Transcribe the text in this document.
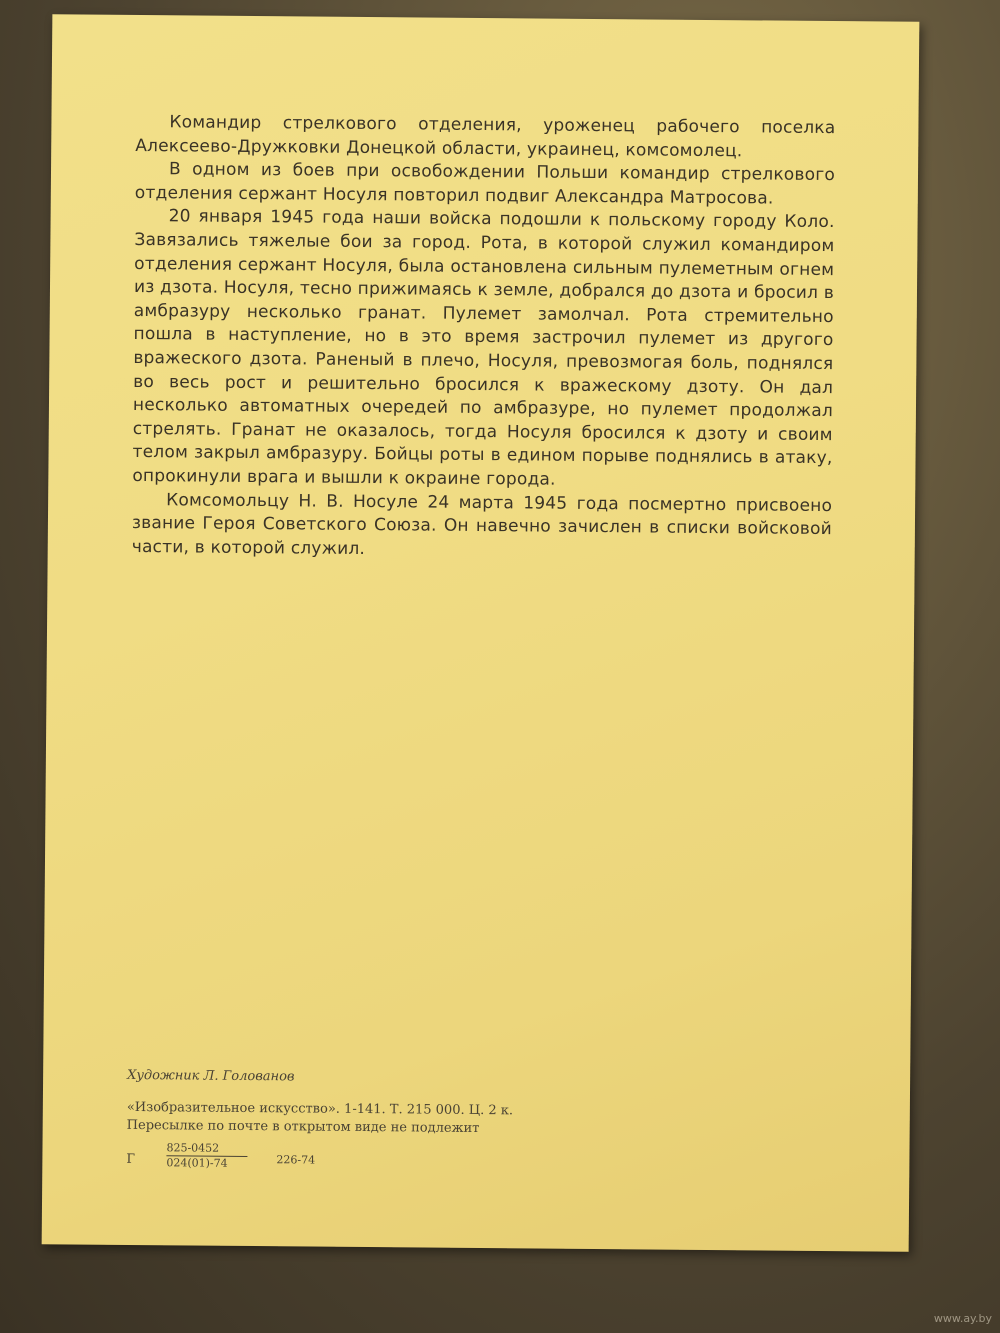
Командир стрелкового отделения, уроженец рабочего поселка Алексеево-Дружковки Донецкой области, украинец, комсомолец.

В одном из боев при освобождении Польши командир стрелкового отделения сержант Носуля повторил подвиг Александра Матросова.

20 января 1945 года наши войска подошли к польскому городу Коло. Завязались тяжелые бои за город. Рота, в которой служил командиром отделения сержант Носуля, была остановлена сильным пулеметным огнем из дзота. Носуля, тесно прижимаясь к земле, добрался до дзота и бросил в амбразуру несколько гранат. Пулемет замолчал. Рота стремительно пошла в наступление, но в это время застрочил пулемет из другого вражеского дзота. Раненый в плечо, Носуля, превозмогая боль, поднялся во весь рост и решительно бросился к вражескому дзоту. Он дал несколько автоматных очередей по амбразуре, но пулемет продолжал стрелять. Гранат не оказалось, тогда Носуля бросился к дзоту и своим телом закрыл амбразуру. Бойцы роты в едином порыве поднялись в атаку, опрокинули врага и вышли к окраине города.

Комсомольцу Н. В. Носуле 24 марта 1945 года посмертно присвоено звание Героя Советского Союза. Он навечно зачислен в списки войсковой части, в которой служил.

Художник Л. Голованов
«Изобразительное искусство». 1-141. Т. 215 000. Ц. 2 к.
Пересылке по почте в открытом виде не подлежит
Г	$\frac{825-0452}{024(01)-74}$	226-74
www.ay.by
